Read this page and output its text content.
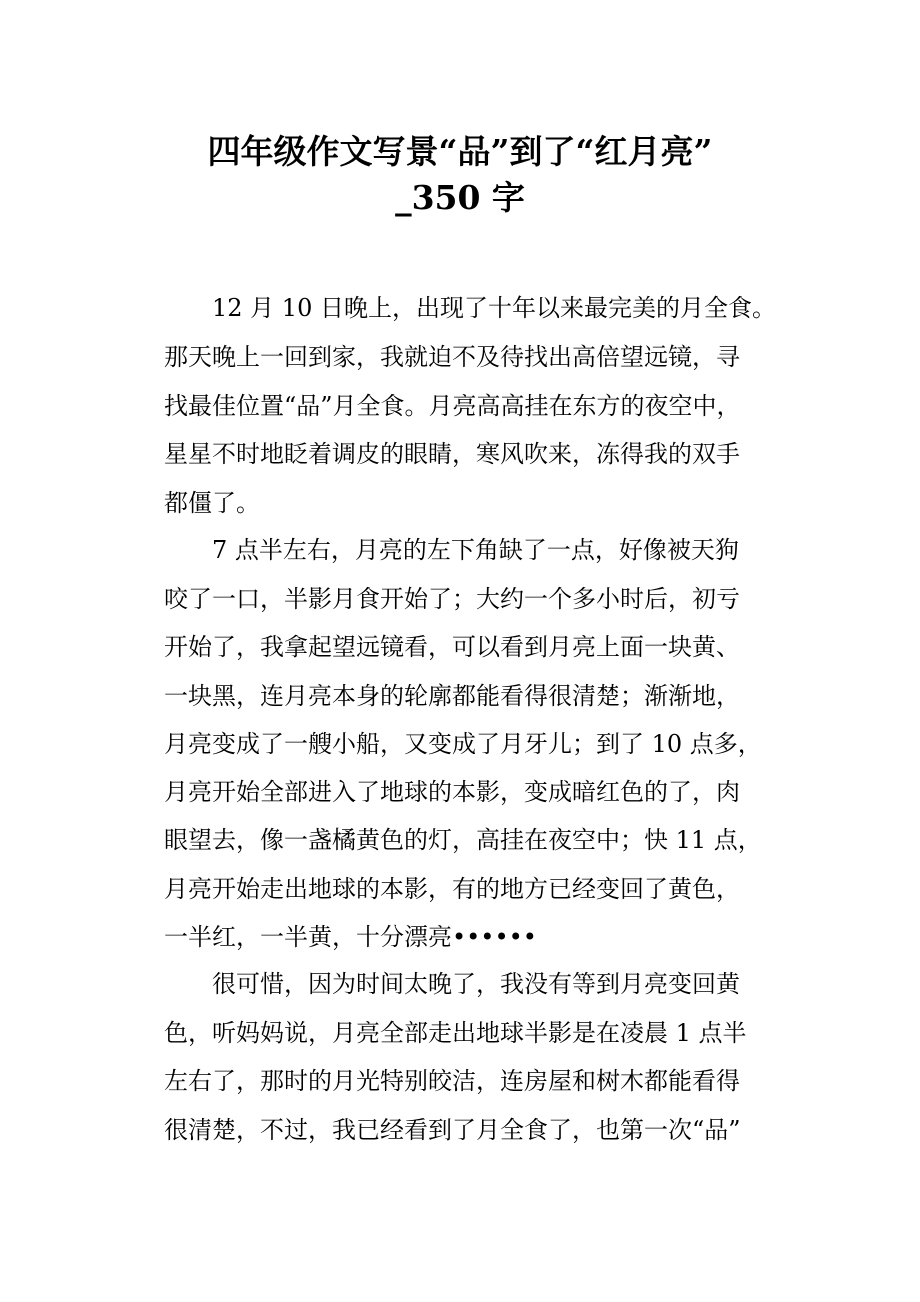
四年级作文写景“品”到了“红月亮”
_350 字
12 月 10 日晚上，出现了十年以来最完美的月全食。
那天晚上一回到家，我就迫不及待找出高倍望远镜，寻
找最佳位置“品”月全食。月亮高高挂在东方的夜空中，
星星不时地眨着调皮的眼睛，寒风吹来，冻得我的双手
都僵了。
7 点半左右，月亮的左下角缺了一点，好像被天狗
咬了一口，半影月食开始了；大约一个多小时后，初亏
开始了，我拿起望远镜看，可以看到月亮上面一块黄、
一块黑，连月亮本身的轮廓都能看得很清楚；渐渐地，
月亮变成了一艘小船，又变成了月牙儿；到了 10 点多，
月亮开始全部进入了地球的本影，变成暗红色的了，肉
眼望去，像一盏橘黄色的灯，高挂在夜空中；快 11 点，
月亮开始走出地球的本影，有的地方已经变回了黄色，
一半红，一半黄，十分漂亮••••••
很可惜，因为时间太晚了，我没有等到月亮变回黄
色，听妈妈说，月亮全部走出地球半影是在凌晨 1 点半
左右了，那时的月光特别皎洁，连房屋和树木都能看得
很清楚，不过，我已经看到了月全食了，也第一次“品”
